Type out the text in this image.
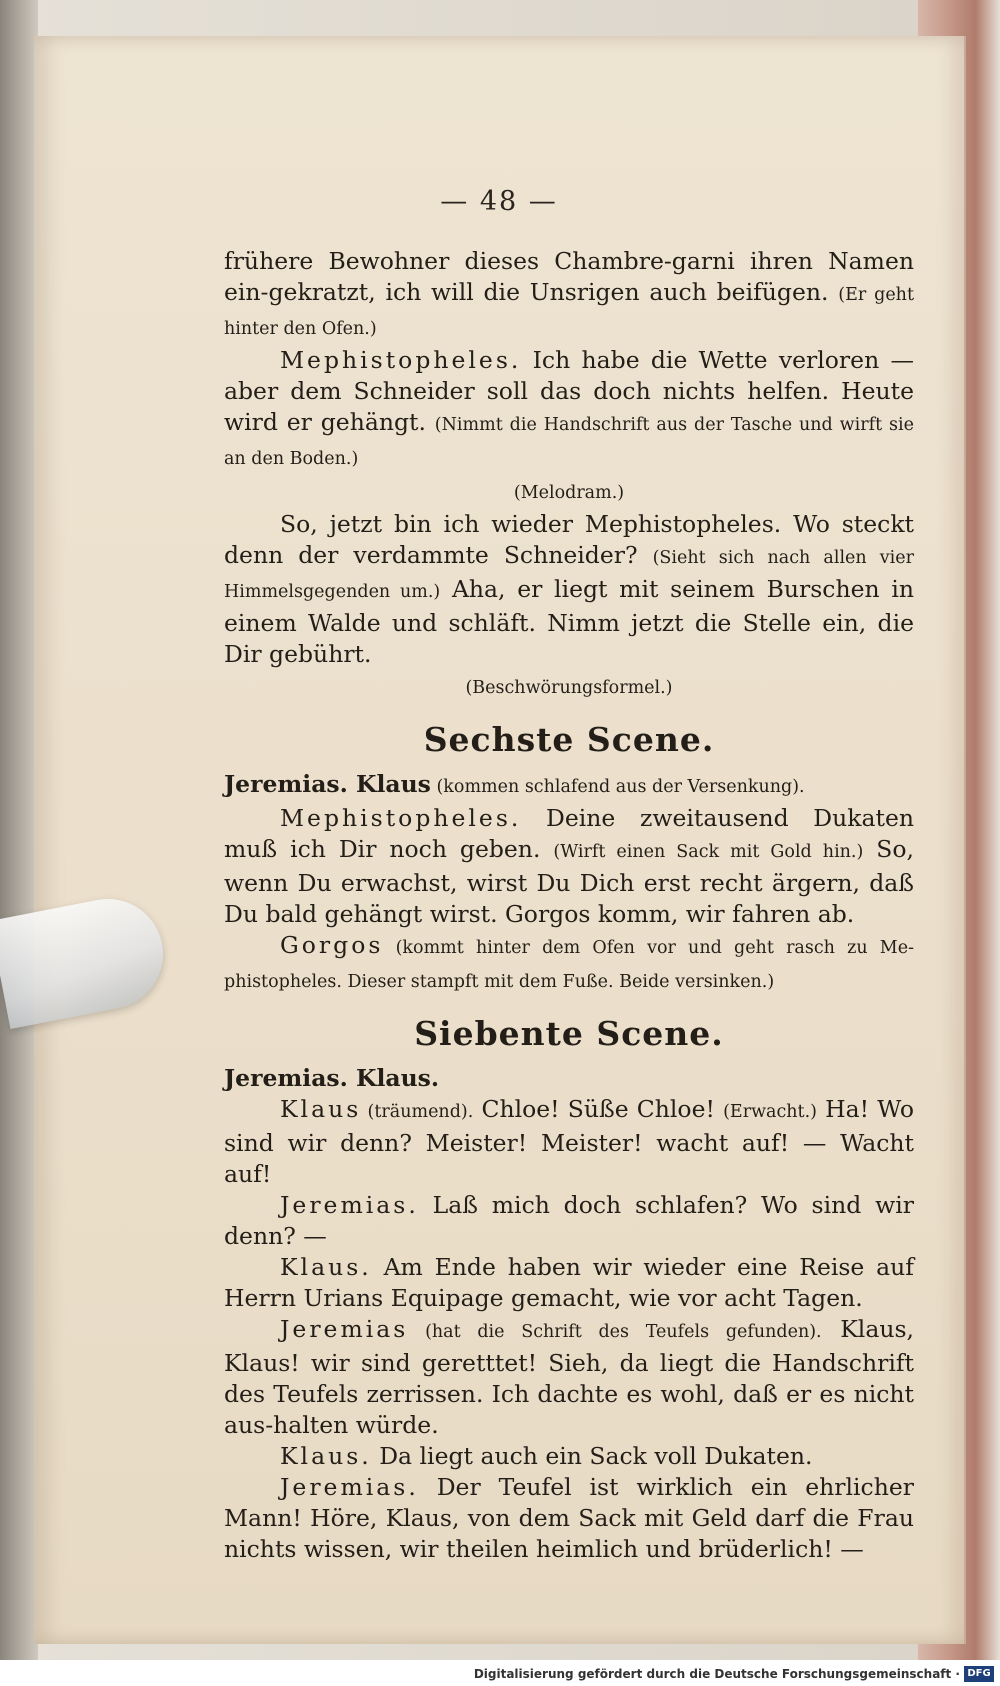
— 48 —

frühere Bewohner dieses Chambre-garni ihren Namen ein-gekratzt, ich will die Unsrigen auch beifügen. (Er geht hinter den Ofen.)

Mephistopheles. Ich habe die Wette verloren — aber dem Schneider soll das doch nichts helfen. Heute wird er gehängt. (Nimmt die Handschrift aus der Tasche und wirft sie an den Boden.)

(Melodram.)

So, jetzt bin ich wieder Mephistopheles. Wo steckt denn der verdammte Schneider? (Sieht sich nach allen vier Himmelsgegenden um.) Aha, er liegt mit seinem Burschen in einem Walde und schläft. Nimm jetzt die Stelle ein, die Dir gebührt.

(Beschwörungsformel.)

Sechste Scene.

Jeremias. Klaus (kommen schlafend aus der Versenkung).

Mephistopheles. Deine zweitausend Dukaten muß ich Dir noch geben. (Wirft einen Sack mit Gold hin.) So, wenn Du erwachst, wirst Du Dich erst recht ärgern, daß Du bald gehängt wirst. Gorgos komm, wir fahren ab.

Gorgos (kommt hinter dem Ofen vor und geht rasch zu Me-phistopheles. Dieser stampft mit dem Fuße. Beide versinken.)

Siebente Scene.

Jeremias. Klaus.

Klaus (träumend). Chloe! Süße Chloe! (Erwacht.) Ha! Wo sind wir denn? Meister! Meister! wacht auf! — Wacht auf!

Jeremias. Laß mich doch schlafen? Wo sind wir denn? —

Klaus. Am Ende haben wir wieder eine Reise auf Herrn Urians Equipage gemacht, wie vor acht Tagen.

Jeremias (hat die Schrift des Teufels gefunden). Klaus, Klaus! wir sind geretttet! Sieh, da liegt die Handschrift des Teufels zerrissen. Ich dachte es wohl, daß er es nicht aus-halten würde.

Klaus. Da liegt auch ein Sack voll Dukaten.

Jeremias. Der Teufel ist wirklich ein ehrlicher Mann! Höre, Klaus, von dem Sack mit Geld darf die Frau nichts wissen, wir theilen heimlich und brüderlich! —

Digitalisierung gefördert durch die Deutsche Forschungsgemeinschaft · DFG
